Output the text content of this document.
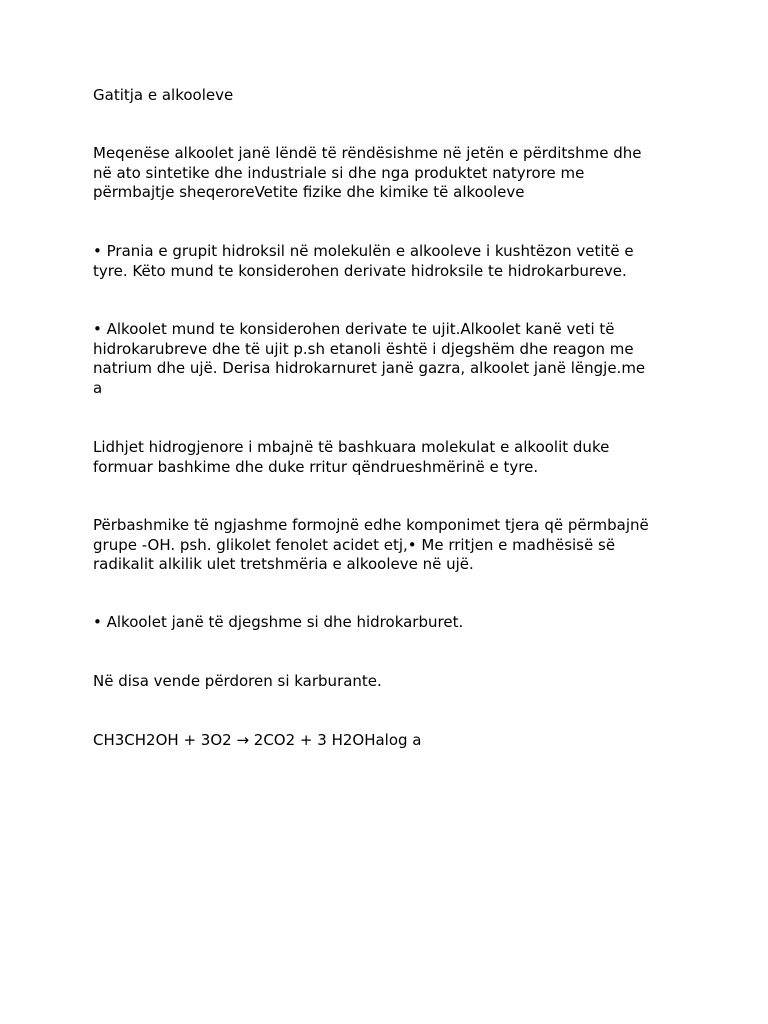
Gatitja e alkooleve

Meqenëse alkoolet janë lëndë të rëndësishme në jetën e përditshme dhe
në ato sintetike dhe industriale si dhe nga produktet natyrore me
përmbajtje sheqeroreVetite fizike dhe kimike të alkooleve

• Prania e grupit hidroksil në molekulën e alkooleve i kushtëzon vetitë e
tyre. Këto mund te konsiderohen derivate hidroksile te hidrokarbureve.

• Alkoolet mund te konsiderohen derivate te ujit.Alkoolet kanë veti të
hidrokarubreve dhe të ujit p.sh etanoli është i djegshëm dhe reagon me
natrium dhe ujë. Derisa hidrokarnuret janë gazra, alkoolet janë lëngje.me
a

Lidhjet hidrogjenore i mbajnë të bashkuara molekulat e alkoolit duke
formuar bashkime dhe duke rritur qëndrueshmërinë e tyre.

Përbashmike të ngjashme formojnë edhe komponimet tjera që përmbajnë
grupe -OH. psh. glikolet fenolet acidet etj,• Me rritjen e madhësisë së
radikalit alkilik ulet tretshmëria e alkooleve në ujë.

• Alkoolet janë të djegshme si dhe hidrokarburet.

Në disa vende përdoren si karburante.

CH3CH2OH + 3O2 → 2CO2 + 3 H2OHalog a
